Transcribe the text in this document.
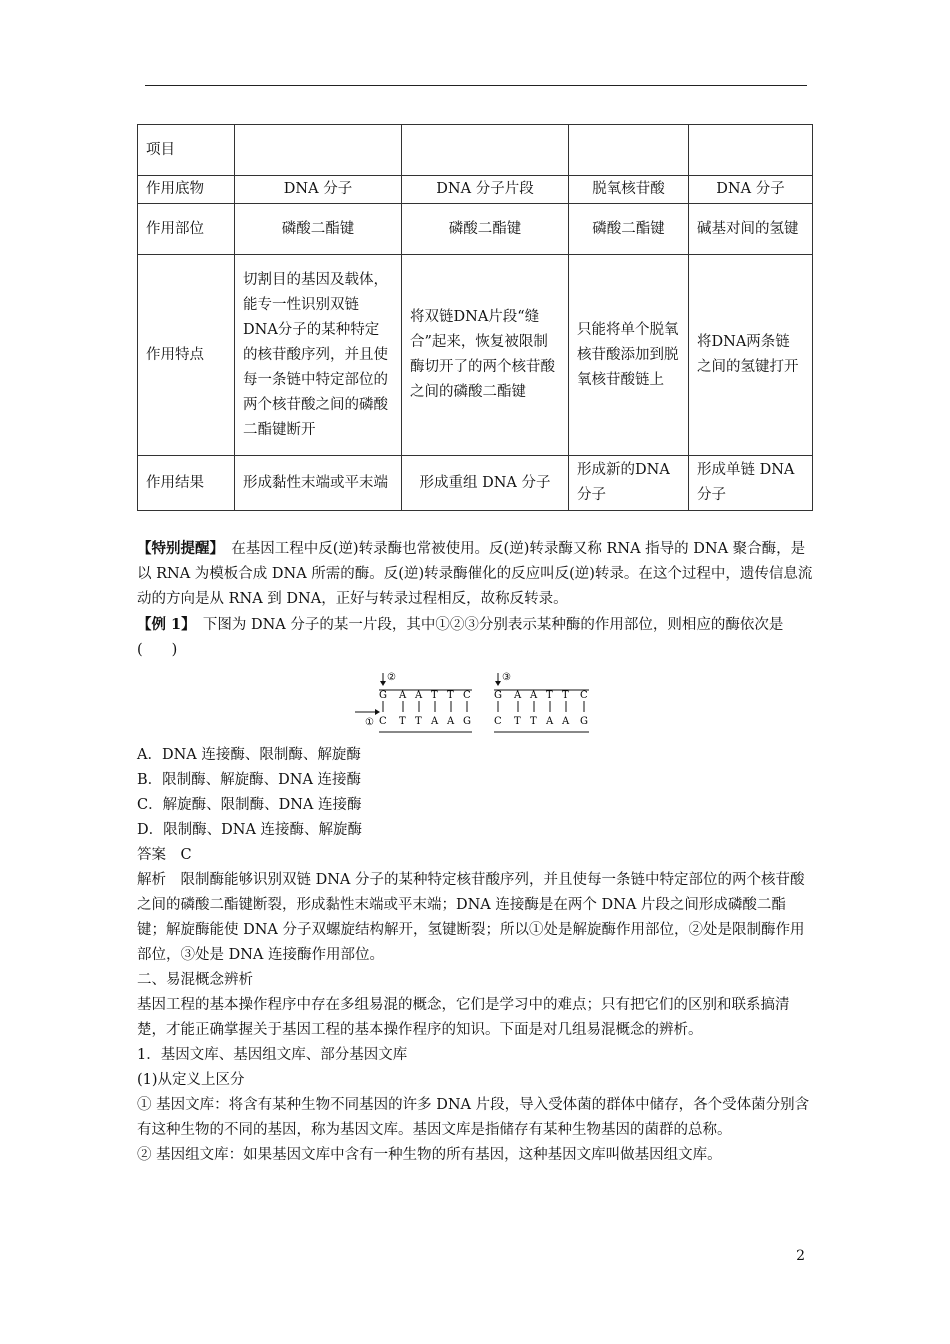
项目				
作用底物	DNA 分子	DNA 分子片段	脱氧核苷酸	DNA 分子
作用部位	磷酸二酯键	磷酸二酯键	磷酸二酯键	碱基对间的氢键
作用特点	切割目的基因及载体，能专一性识别双链DNA分子的某种特定的核苷酸序列，并且使每一条链中特定部位的两个核苷酸之间的磷酸二酯键断开	将双链DNA片段“缝合”起来，恢复被限制酶切开了的两个核苷酸之间的磷酸二酯键	只能将单个脱氧核苷酸添加到脱氧核苷酸链上	将DNA两条链之间的氢键打开
作用结果	形成黏性末端或平末端	形成重组 DNA 分子	形成新的DNA分子	形成单链 DNA 分子

【特别提醒】　在基因工程中反(逆)转录酶也常被使用。反(逆)转录酶又称 RNA 指导的 DNA 聚合酶，是以 RNA 为模板合成 DNA 所需的酶。反(逆)转录酶催化的反应叫反(逆)转录。在这个过程中，遗传信息流动的方向是从 RNA 到 DNA，正好与转录过程相反，故称反转录。

【例 1】　下图为 DNA 分子的某一片段，其中①②③分别表示某种酶的作用部位，则相应的酶依次是(　　)

②
G A A T T C
① C T T A A G
③
G A A T T C
C T T A A G

A．DNA 连接酶、限制酶、解旋酶

B．限制酶、解旋酶、DNA 连接酶

C．解旋酶、限制酶、DNA 连接酶

D．限制酶、DNA 连接酶、解旋酶

答案　C

解析　限制酶能够识别双链 DNA 分子的某种特定核苷酸序列，并且使每一条链中特定部位的两个核苷酸之间的磷酸二酯键断裂，形成黏性末端或平末端；DNA 连接酶是在两个 DNA 片段之间形成磷酸二酯键；解旋酶能使 DNA 分子双螺旋结构解开，氢键断裂；所以①处是解旋酶作用部位，②处是限制酶作用部位，③处是 DNA 连接酶作用部位。

二、易混概念辨析

基因工程的基本操作程序中存在多组易混的概念，它们是学习中的难点；只有把它们的区别和联系搞清楚，才能正确掌握关于基因工程的基本操作程序的知识。下面是对几组易混概念的辨析。

1．基因文库、基因组文库、部分基因文库

(1)从定义上区分

① 基因文库：将含有某种生物不同基因的许多 DNA 片段，导入受体菌的群体中储存，各个受体菌分别含有这种生物的不同的基因，称为基因文库。基因文库是指储存有某种生物基因的菌群的总称。

② 基因组文库：如果基因文库中含有一种生物的所有基因，这种基因文库叫做基因组文库。

2
